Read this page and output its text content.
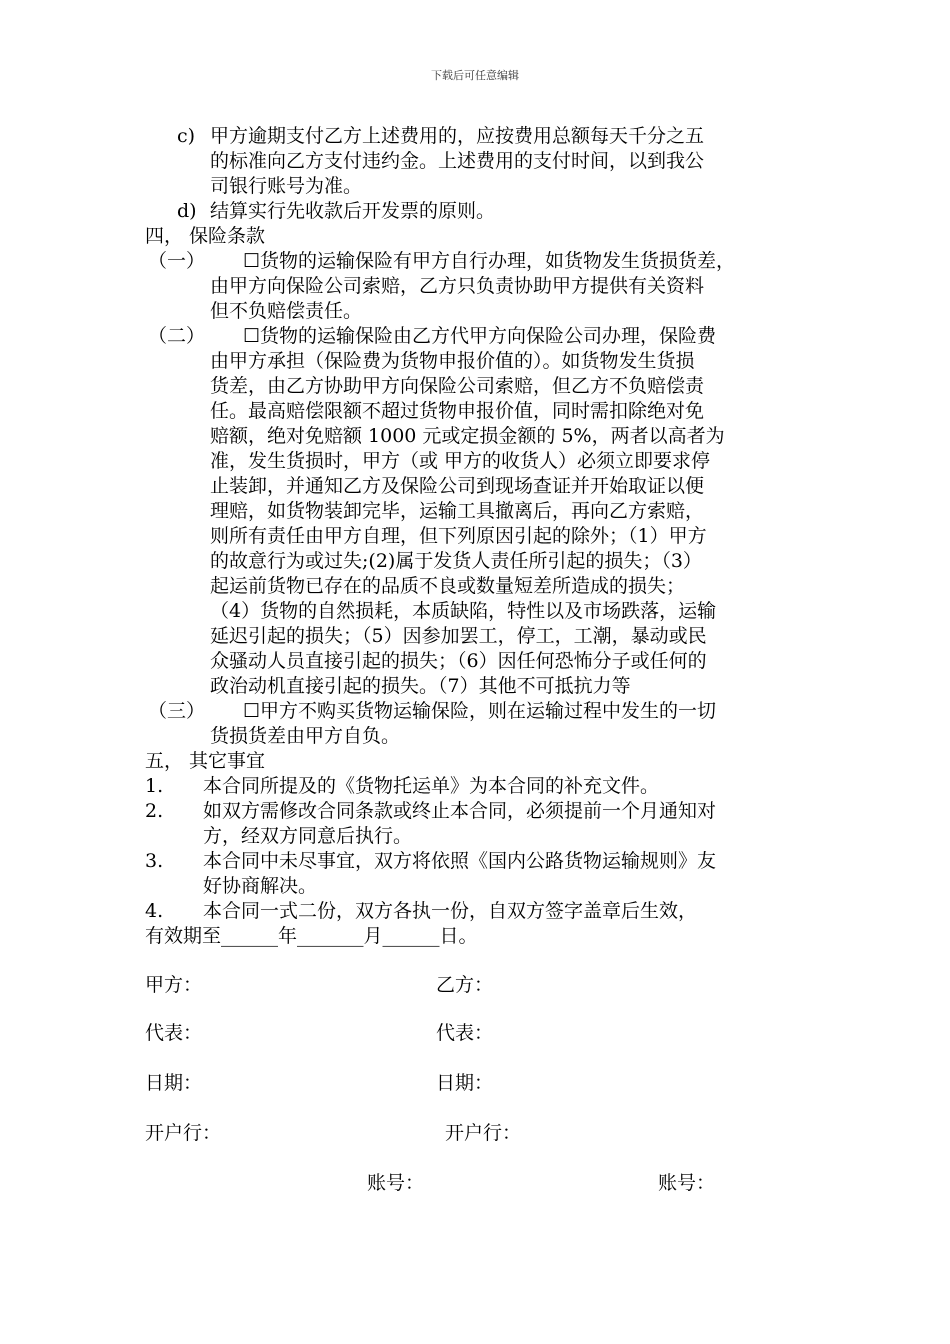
下载后可任意编辑
c) 甲方逾期支付乙方上述费用的，应按费用总额每天千分之五
的标准向乙方支付违约金。上述费用的支付时间，以到我公
司银行账号为准。
d) 结算实行先收款后开发票的原则。
四， 保险条款
（一） ☐货物的运输保险有甲方自行办理，如货物发生货损货差，
由甲方向保险公司索赔，乙方只负责协助甲方提供有关资料
但不负赔偿责任。
（二） ☐货物的运输保险由乙方代甲方向保险公司办理，保险费
由甲方承担（保险费为货物申报价值的）。如货物发生货损
货差，由乙方协助甲方向保险公司索赔，但乙方不负赔偿责
任。最高赔偿限额不超过货物申报价值，同时需扣除绝对免
赔额，绝对免赔额 1000 元或定损金额的 5%，两者以高者为
准，发生货损时，甲方（或 甲方的收货人）必须立即要求停
止装卸，并通知乙方及保险公司到现场查证并开始取证以便
理赔，如货物装卸完毕，运输工具撤离后，再向乙方索赔，
则所有责任由甲方自理，但下列原因引起的除外；（1）甲方
的故意行为或过失;(2)属于发货人责任所引起的损失；（3）
起运前货物已存在的品质不良或数量短差所造成的损失；
（4）货物的自然损耗，本质缺陷，特性以及市场跌落，运输
延迟引起的损失；（5）因参加罢工，停工，工潮，暴动或民
众骚动人员直接引起的损失；（6）因任何恐怖分子或任何的
政治动机直接引起的损失。（7）其他不可抵抗力等
（三） ☐甲方不购买货物运输保险，则在运输过程中发生的一切
货损货差由甲方自负。
五， 其它事宜
1. 本合同所提及的《货物托运单》为本合同的补充文件。
2. 如双方需修改合同条款或终止本合同，必须提前一个月通知对
方，经双方同意后执行。
3. 本合同中未尽事宜，双方将依照《国内公路货物运输规则》友
好协商解决。
4. 本合同一式二份，双方各执一份，自双方签字盖章后生效，
有效期至______年_______月______日。
甲方：	乙方：
代表：	代表：
日期：	日期：
开户行：	开户行：
账号：	账号：
